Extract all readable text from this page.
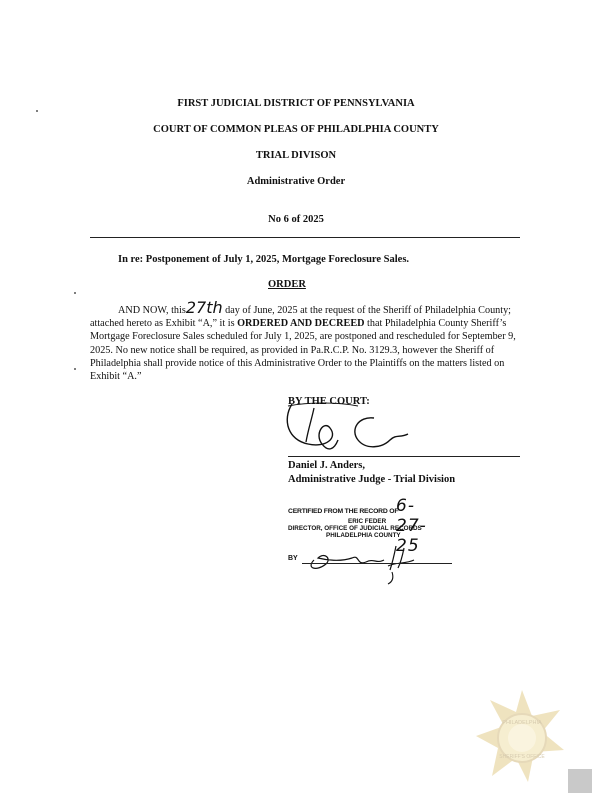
FIRST JUDICIAL DISTRICT OF PENNSYLVANIA
COURT OF COMMON PLEAS OF PHILADLPHIA COUNTY
TRIAL DIVISON
Administrative Order
No 6 of 2025
In re: Postponement of July 1, 2025, Mortgage Foreclosure Sales.
ORDER
AND NOW, this27th day of June, 2025 at the request of the Sheriff of Philadelphia County; attached hereto as Exhibit “A,” it is ORDERED AND DECREED that Philadelphia County Sheriff’s Mortgage Foreclosure Sales scheduled for July 1, 2025, are postponed and rescheduled for September 9, 2025. No new notice shall be required, as provided in Pa.R.C.P. No. 3129.3, however the Sheriff of Philadelphia shall provide notice of this Administrative Order to the Plaintiffs on the matters listed on Exhibit “A.”
BY THE COURT:
Daniel J. Anders,
Administrative Judge - Trial Division
CERTIFIED FROM THE RECORD OF
6-27-25
ERIC FEDER
DIRECTOR, OFFICE OF JUDICIAL RECORDS
PHILADELPHIA COUNTY
BY
PHILADELPHIA
SHERIFF'S OFFICE
